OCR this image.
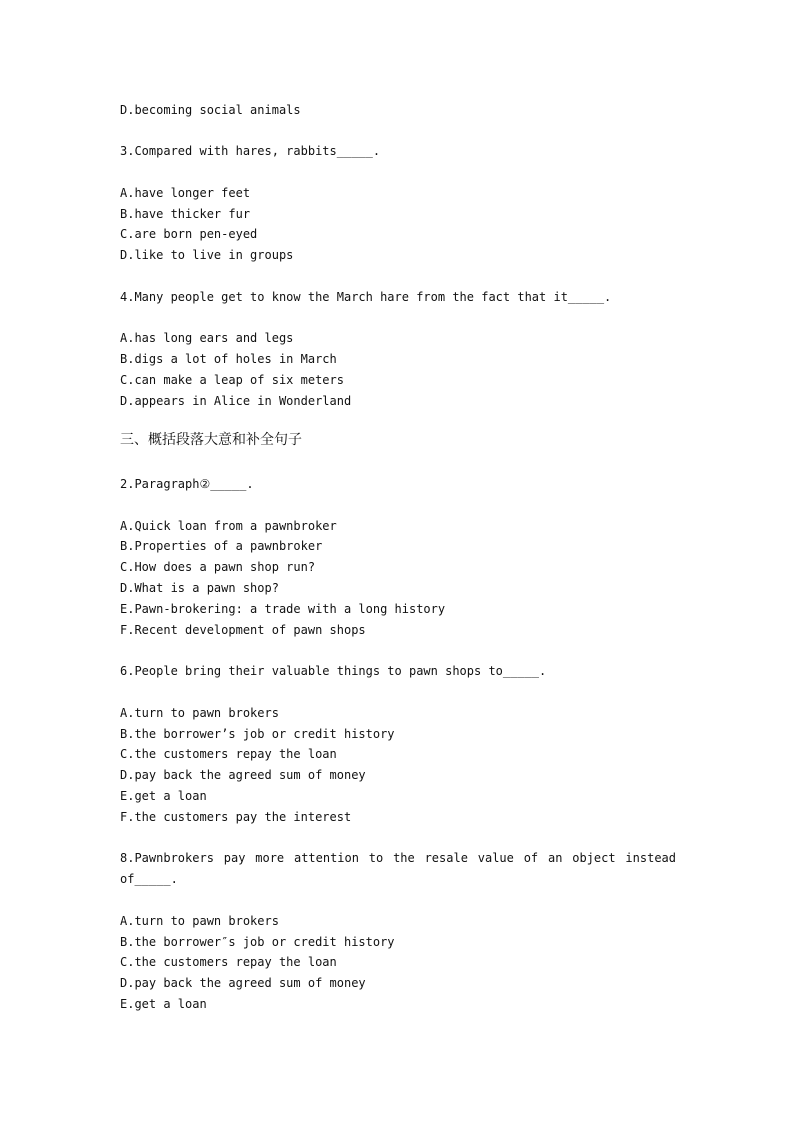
D.becoming social animals
3.Compared with hares, rabbits_____.
A.have longer feet
B.have thicker fur
C.are born pen-eyed
D.like to live in groups
4.Many people get to know the March hare from the fact that it_____.
A.has long ears and legs
B.digs a lot of holes in March
C.can make a leap of six meters
D.appears in Alice in Wonderland
三、概括段落大意和补全句子
2.Paragraph②_____.
A.Quick loan from a pawnbroker
B.Properties of a pawnbroker
C.How does a pawn shop run?
D.What is a pawn shop?
E.Pawn-brokering: a trade with a long history
F.Recent development of pawn shops
6.People bring their valuable things to pawn shops to_____.
A.turn to pawn brokers
B.the borrower’s job or credit history
C.the customers repay the loan
D.pay back the agreed sum of money
E.get a loan
F.the customers pay the interest
8.Pawnbrokers pay more attention to the resale value of an object instead
of_____.
A.turn to pawn brokers
B.the borrower″s job or credit history
C.the customers repay the loan
D.pay back the agreed sum of money
E.get a loan
